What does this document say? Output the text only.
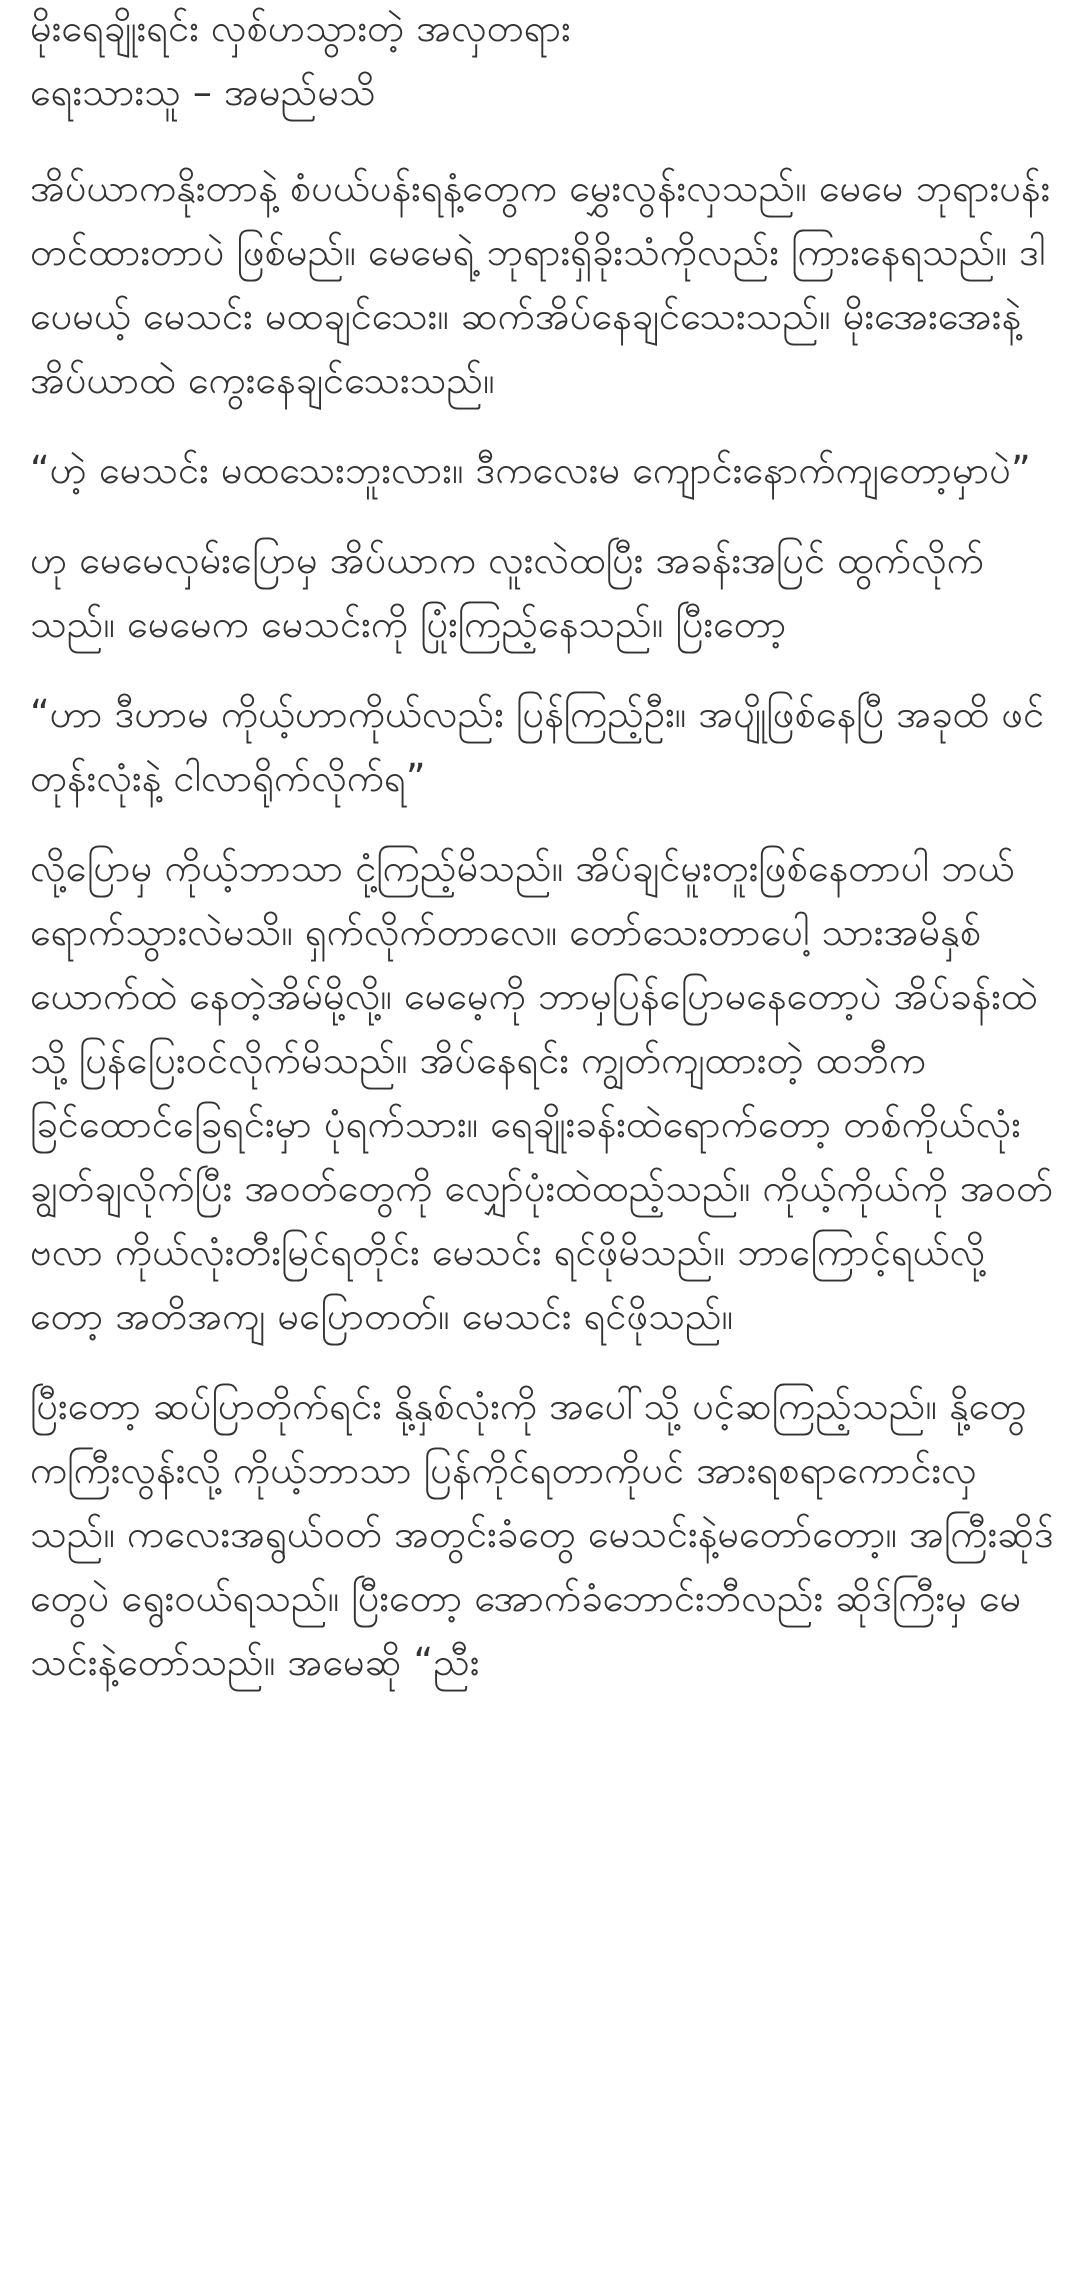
မိုးရေချိုးရင်း လှစ်ဟသွားတဲ့ အလှတရား

ရေးသားသူ – အမည်မသိ

အိပ်ယာကနိုးတာနဲ့ စံပယ်ပန်းရနံ့တွေက မွှေးလွန်းလှသည်။ မေမေ ဘုရားပန်းတင်ထားတာပဲ ဖြစ်မည်။ မေမေရဲ့ ဘုရားရှိခိုးသံကိုလည်း ကြားနေရသည်။ ဒါပေမယ့် မေသင်း မထချင်သေး။ ဆက်အိပ်နေချင်သေးသည်။ မိုးအေးအေးနဲ့ အိပ်ယာထဲ ကွေးနေချင်သေးသည်။

“ဟဲ့ မေသင်း မထသေးဘူးလား။ ဒီကလေးမ ကျောင်းနောက်ကျတော့မှာပဲ”

ဟု မေမေလှမ်းပြောမှ အိပ်ယာက လူးလဲထပြီး အခန်းအပြင် ထွက်လိုက်သည်။ မေမေက မေသင်းကို ပြုံးကြည့်နေသည်။ ပြီးတော့

“ဟာ ဒီဟာမ ကိုယ့်ဟာကိုယ်လည်း ပြန်ကြည့်ဦး။ အပျိုဖြစ်နေပြီ အခုထိ ဖင်တုန်းလုံးနဲ့ ငါလာရိုက်လိုက်ရ”

လို့ပြောမှ ကိုယ့်ဘာသာ ငုံ့ကြည့်မိသည်။ အိပ်ချင်မူးတူးဖြစ်နေတာပါ ဘယ်ရောက်သွားလဲမသိ။ ရှက်လိုက်တာလေ။ တော်သေးတာပေါ့ သားအမိနှစ်ယောက်ထဲ နေတဲ့အိမ်မို့လို့။ မေမေ့ကို ဘာမှပြန်ပြောမနေတော့ပဲ အိပ်ခန်းထဲသို့ ပြန်ပြေးဝင်လိုက်မိသည်။ အိပ်နေရင်း ကျွတ်ကျထားတဲ့ ထဘီက ခြင်ထောင်ခြေရင်းမှာ ပုံရက်သား။ ရေချိုးခန်းထဲရောက်တော့ တစ်ကိုယ်လုံး ချွတ်ချလိုက်ပြီး အဝတ်တွေကို လျှော်ပုံးထဲထည့်သည်။ ကိုယ့်ကိုယ်ကို အဝတ်ဗလာ ကိုယ်လုံးတီးမြင်ရတိုင်း မေသင်း ရင်ဖိုမိသည်။ ဘာကြောင့်ရယ်လို့တော့ အတိအကျ မပြောတတ်။ မေသင်း ရင်ဖိုသည်။

ပြီးတော့ ဆပ်ပြာတိုက်ရင်း နို့နှစ်လုံးကို အပေါ်သို့ ပင့်ဆကြည့်သည်။ နို့တွေကကြီးလွန်းလို့ ကိုယ့်ဘာသာ ပြန်ကိုင်ရတာကိုပင် အားရစရာကောင်းလှသည်။ ကလေးအရွယ်ဝတ် အတွင်းခံတွေ မေသင်းနဲ့မတော်တော့။ အကြီးဆိုဒ်တွေပဲ ရွေးဝယ်ရသည်။ ပြီးတော့ အောက်ခံဘောင်းဘီလည်း ဆိုဒ်ကြီးမှ မေသင်းနဲ့တော်သည်။ အမေဆို “ညီး
